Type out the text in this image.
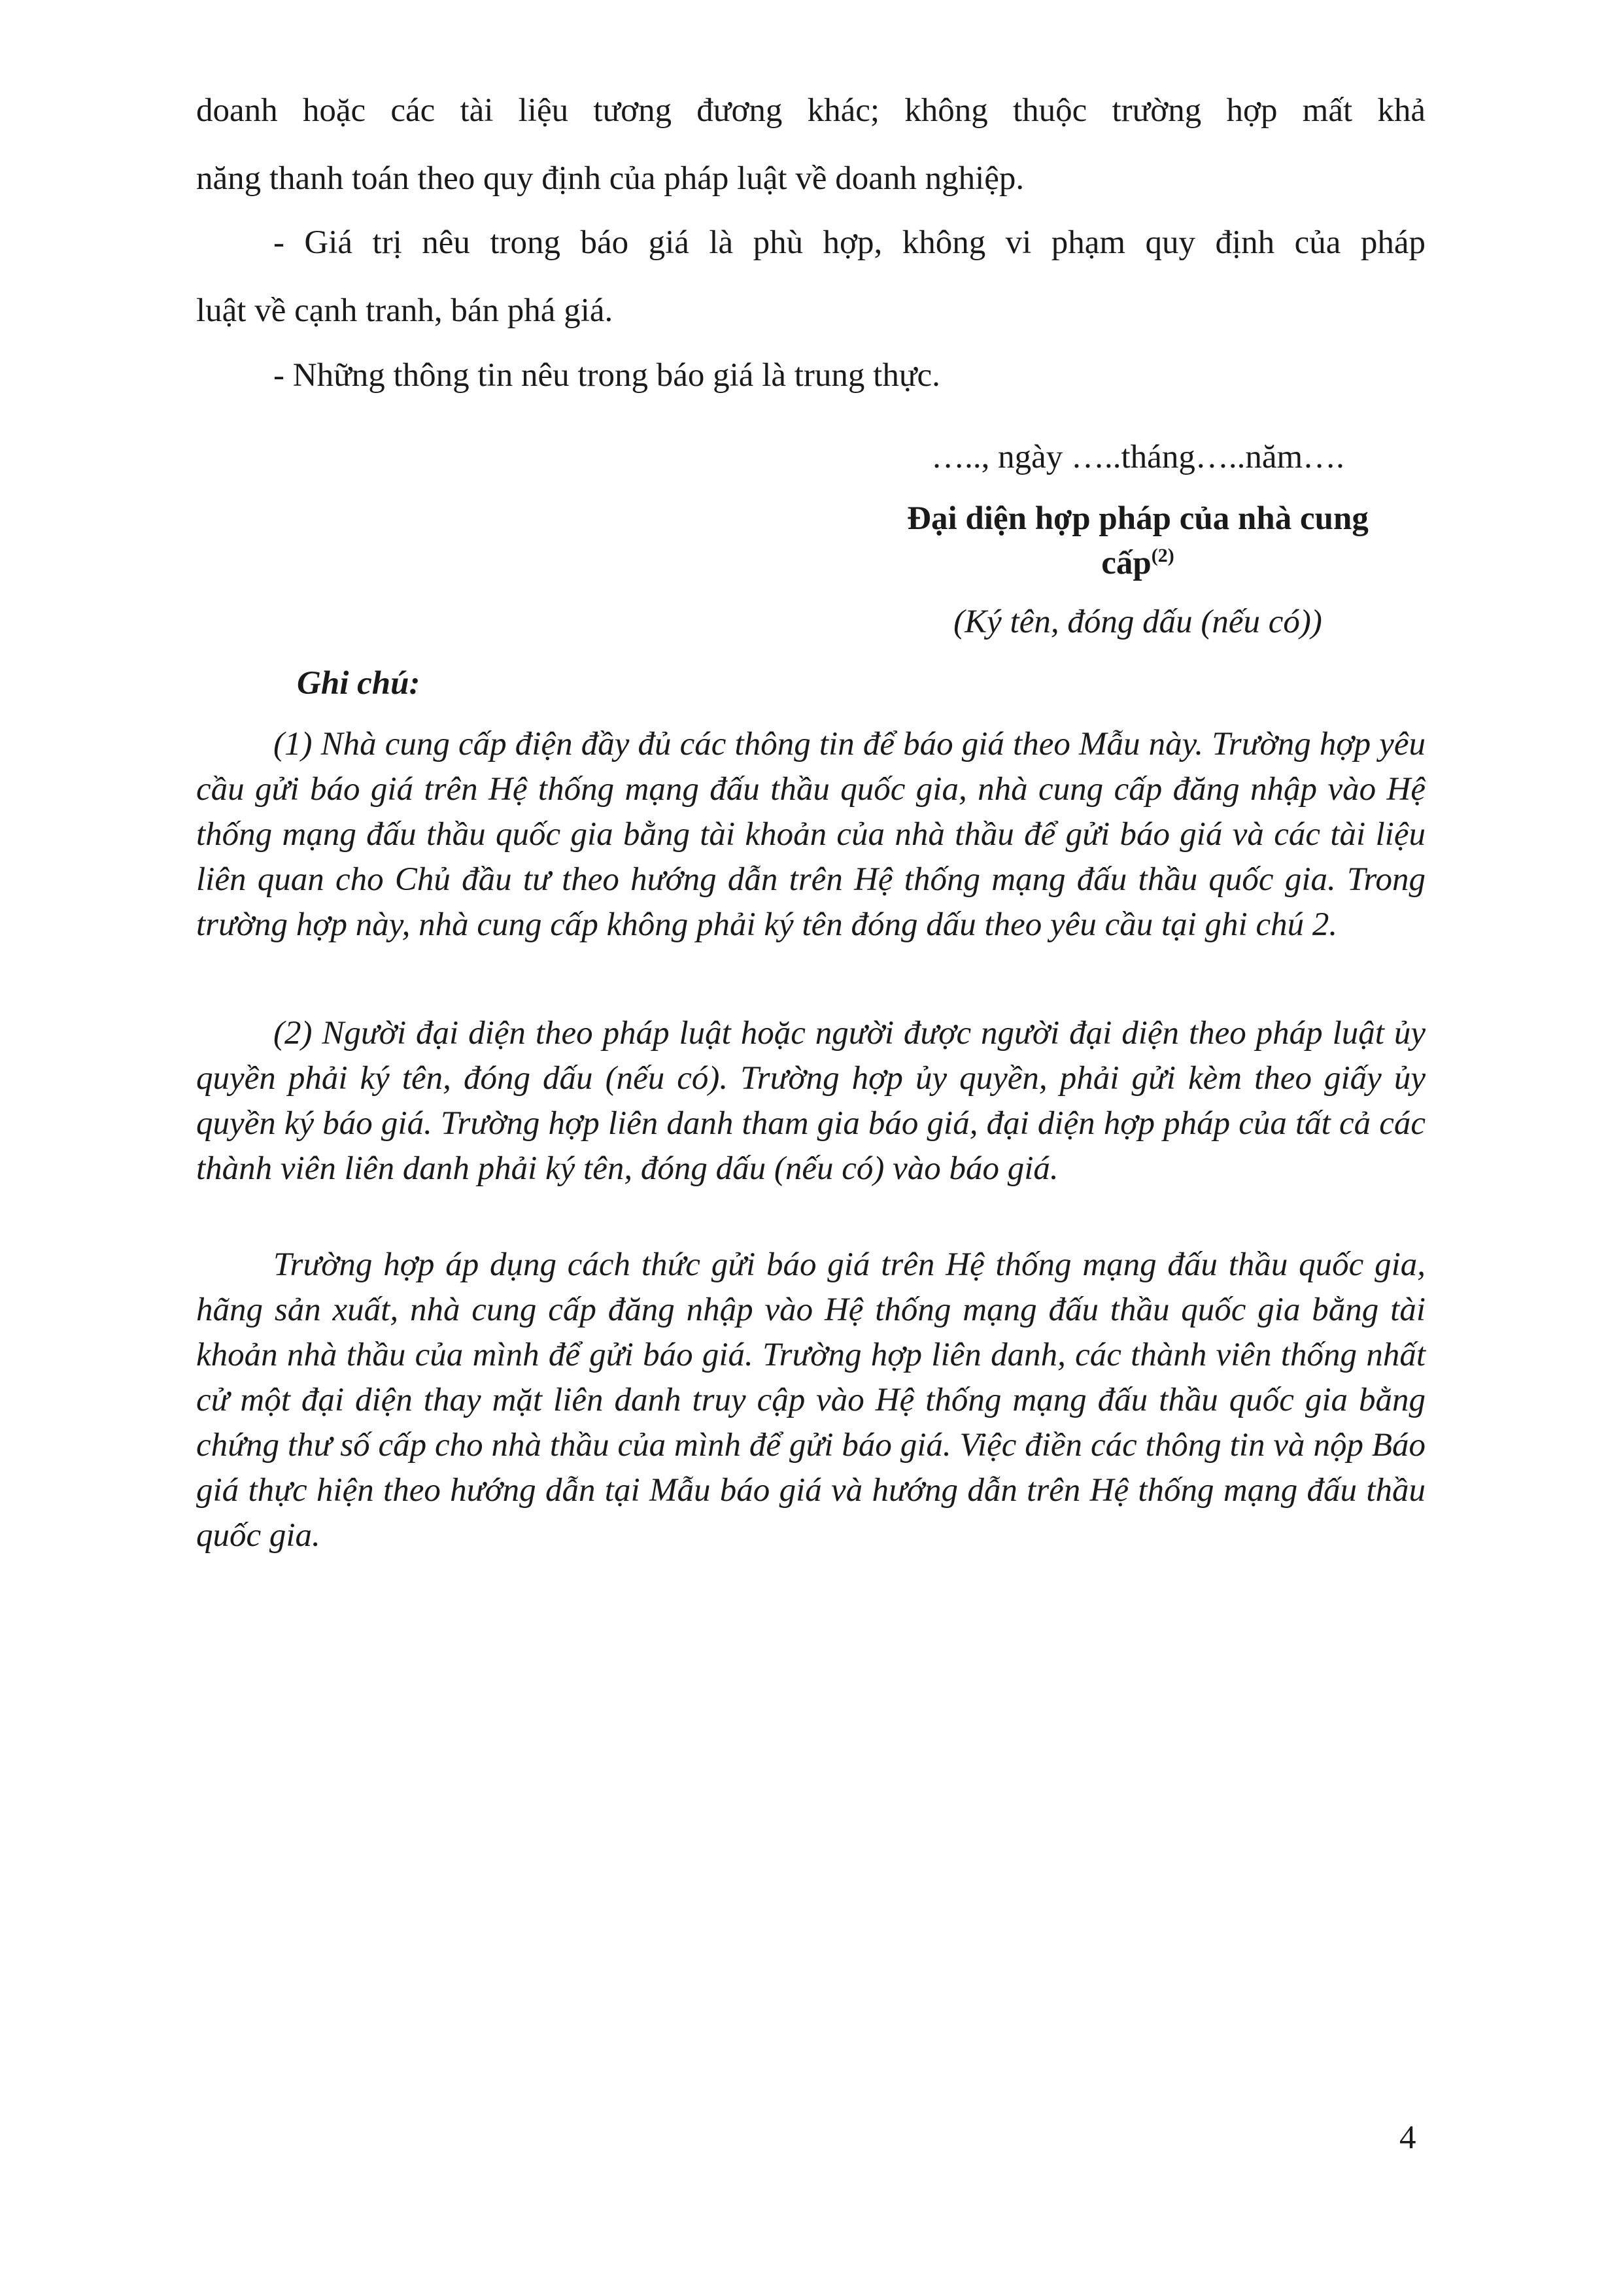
doanh hoặc các tài liệu tương đương khác; không thuộc trường hợp mất khả

năng thanh toán theo quy định của pháp luật về doanh nghiệp.

- Giá trị nêu trong báo giá là phù hợp, không vi phạm quy định của pháp

luật về cạnh tranh, bán phá giá.

- Những thông tin nêu trong báo giá là trung thực.

….., ngày …..tháng…..năm….

Đại diện hợp pháp của nhà cung

cấp$^{(2)}$

(Ký tên, đóng dấu (nếu có))

Ghi chú:

(1) Nhà cung cấp điện đầy đủ các thông tin để báo giá theo Mẫu này. Trường hợp yêu cầu gửi báo giá trên Hệ thống mạng đấu thầu quốc gia, nhà cung cấp đăng nhập vào Hệ thống mạng đấu thầu quốc gia bằng tài khoản của nhà thầu để gửi báo giá và các tài liệu liên quan cho Chủ đầu tư theo hướng dẫn trên Hệ thống mạng đấu thầu quốc gia. Trong trường hợp này, nhà cung cấp không phải ký tên đóng dấu theo yêu cầu tại ghi chú 2.

(2) Người đại diện theo pháp luật hoặc người được người đại diện theo pháp luật ủy quyền phải ký tên, đóng dấu (nếu có). Trường hợp ủy quyền, phải gửi kèm theo giấy ủy quyền ký báo giá. Trường hợp liên danh tham gia báo giá, đại diện hợp pháp của tất cả các thành viên liên danh phải ký tên, đóng dấu (nếu có) vào báo giá.

Trường hợp áp dụng cách thức gửi báo giá trên Hệ thống mạng đấu thầu quốc gia, hãng sản xuất, nhà cung cấp đăng nhập vào Hệ thống mạng đấu thầu quốc gia bằng tài khoản nhà thầu của mình để gửi báo giá. Trường hợp liên danh, các thành viên thống nhất cử một đại diện thay mặt liên danh truy cập vào Hệ thống mạng đấu thầu quốc gia bằng chứng thư số cấp cho nhà thầu của mình để gửi báo giá. Việc điền các thông tin và nộp Báo giá thực hiện theo hướng dẫn tại Mẫu báo giá và hướng dẫn trên Hệ thống mạng đấu thầu quốc gia.

4
